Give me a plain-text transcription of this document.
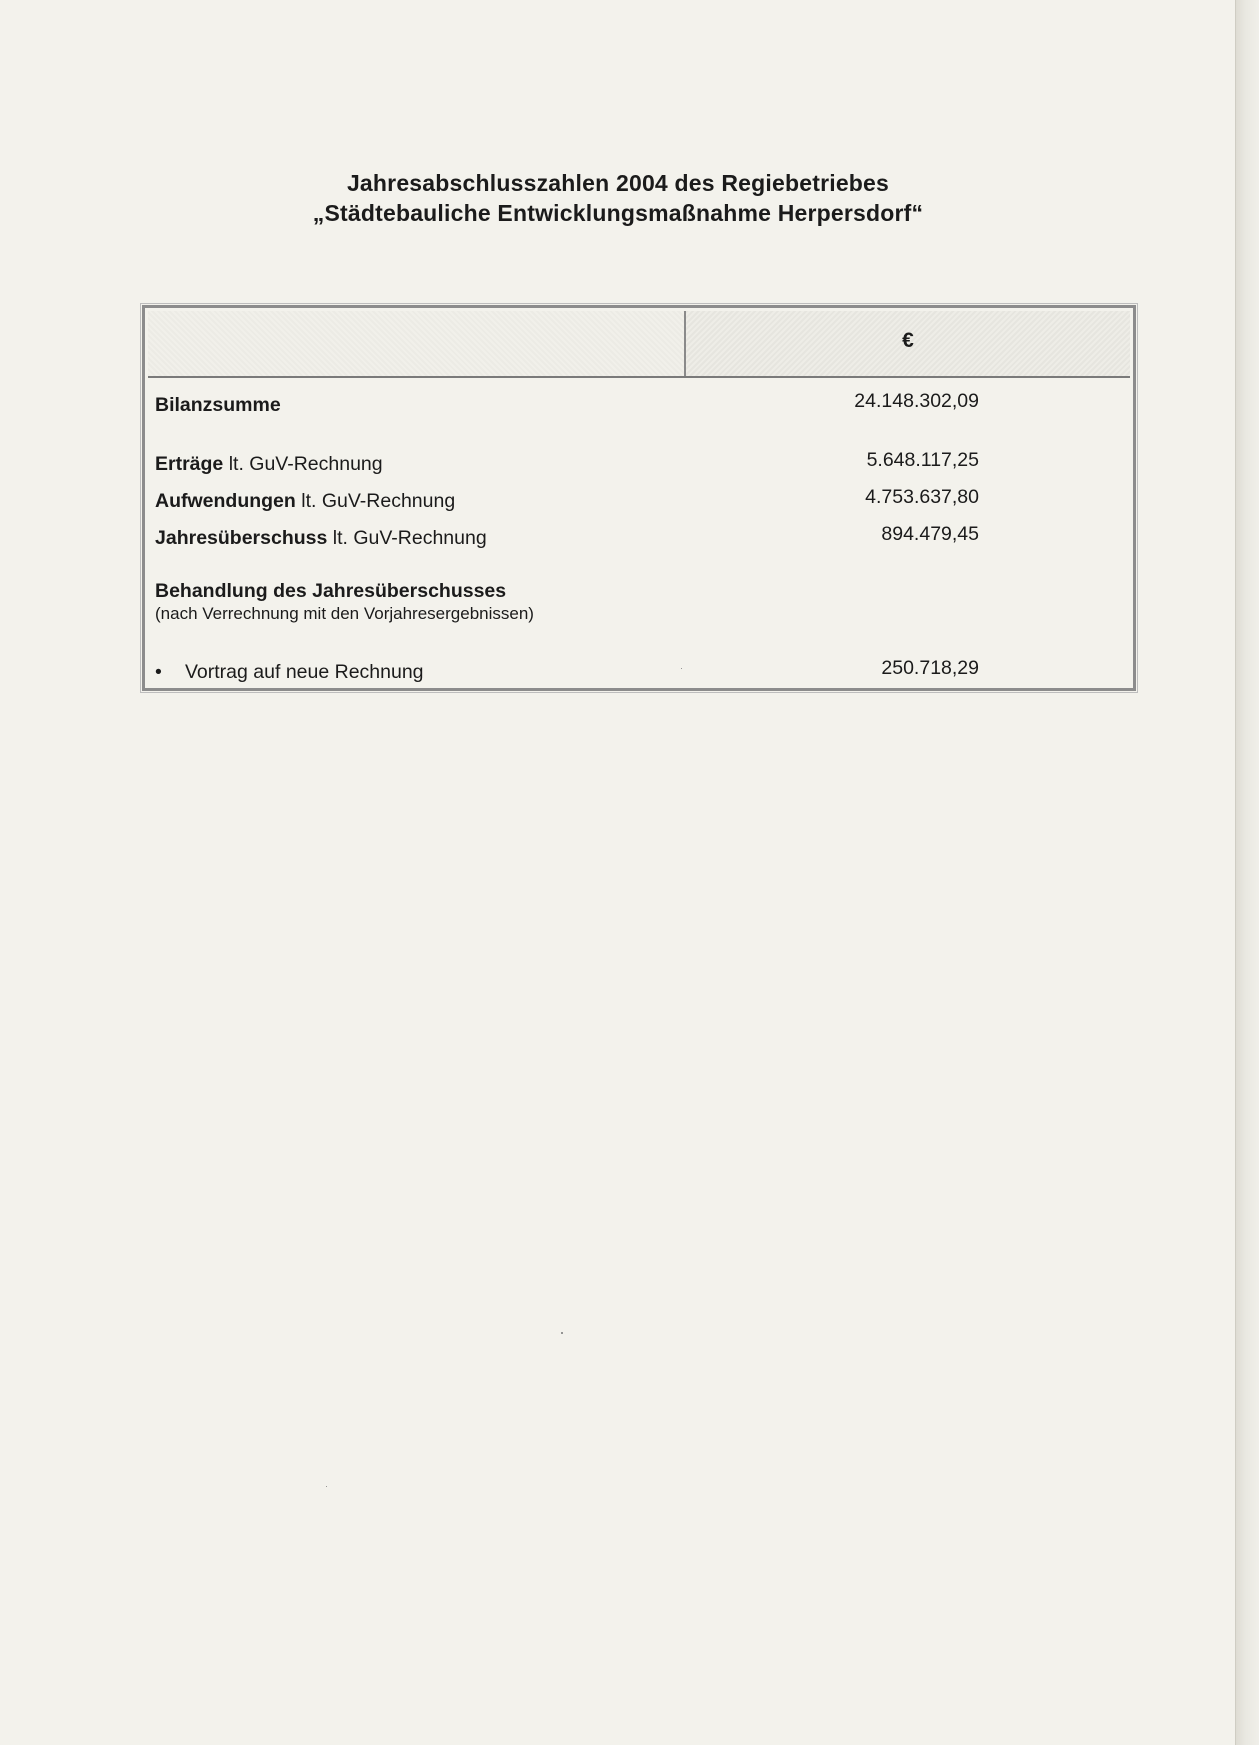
Jahresabschlusszahlen 2004 des Regiebetriebes
„Städtebauliche Entwicklungsmaßnahme Herpersdorf“
€
Bilanzsumme	24.148.302,09
Erträge lt. GuV-Rechnung	5.648.117,25
Aufwendungen lt. GuV-Rechnung	4.753.637,80
Jahresüberschuss lt. GuV-Rechnung	894.479,45
Behandlung des Jahresüberschusses
(nach Verrechnung mit den Vorjahresergebnissen)
• Vortrag auf neue Rechnung	250.718,29
